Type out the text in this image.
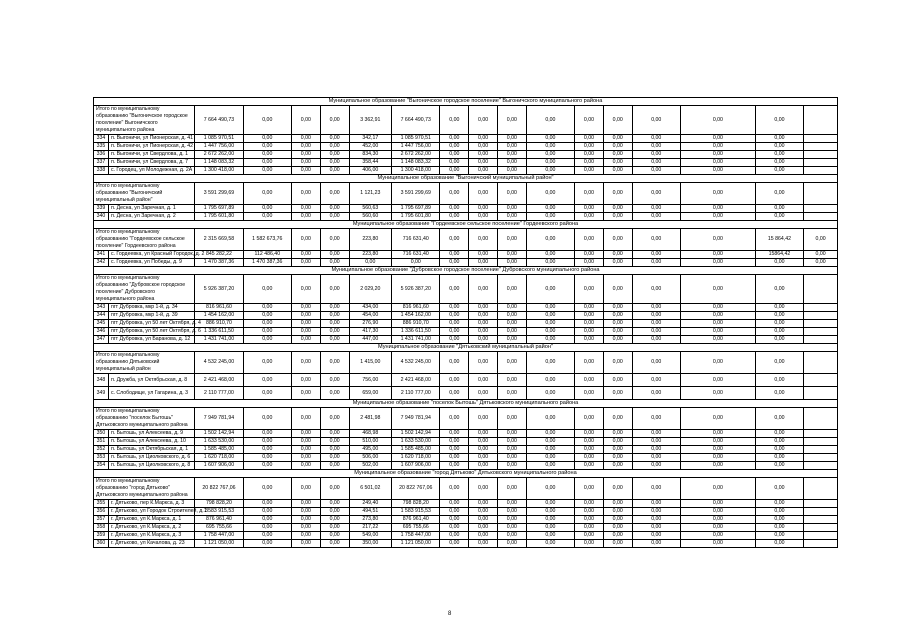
Муниципальное образование "Выгоничское городское поселение" Выгоничского муниципального района																	
Итого по муниципальному образованию "Выгоничское городское поселение" Выгоничского муниципального района		7 664 490,73	0,00	0,00	0,00	3 362,91	7 664 490,73	0,00	0,00	0,00	0,00	0,00	0,00	0,00	0,00	0,00	
334	п. Выгоничи, ул Пионерская, д. 41	1 085 970,51	0,00	0,00	0,00	342,17	1 085 970,51	0,00	0,00	0,00	0,00	0,00	0,00	0,00	0,00	0,00	
335	п. Выгоничи, ул Пионерская, д. 42	1 447 756,00	0,00	0,00	0,00	452,00	1 447 756,00	0,00	0,00	0,00	0,00	0,00	0,00	0,00	0,00	0,00	
336	п. Выгоничи, ул Свердлова, д. 1	2 672 262,00	0,00	0,00	0,00	834,30	2 672 262,00	0,00	0,00	0,00	0,00	0,00	0,00	0,00	0,00	0,00	
337	п. Выгоничи, ул Свердлова, д. 7	1 148 083,32	0,00	0,00	0,00	358,44	1 148 083,32	0,00	0,00	0,00	0,00	0,00	0,00	0,00	0,00	0,00	
338	с. Городец, ул Молодежная, д. 2А	1 300 418,00	0,00	0,00	0,00	406,00	1 300 418,00	0,00	0,00	0,00	0,00	0,00	0,00	0,00	0,00	0,00	
Муниципальное образование "Выгоничский муниципальный район"																	
Итого по муниципальному образованию "Выгоничский муниципальный район"		3 591 299,69	0,00	0,00	0,00	1 121,23	3 591 299,69	0,00	0,00	0,00	0,00	0,00	0,00	0,00	0,00	0,00	
339	п. Десна, ул Заречная, д. 1	1 795 697,89	0,00	0,00	0,00	560,63	1 795 697,89	0,00	0,00	0,00	0,00	0,00	0,00	0,00	0,00	0,00	
340	п. Десна, ул Заречная, д. 2	1 795 601,80	0,00	0,00	0,00	560,60	1 795 601,80	0,00	0,00	0,00	0,00	0,00	0,00	0,00	0,00	0,00	
Муниципальное образование "Гордеевское сельское поселение" Гордеевского района																	
Итого по муниципальному образованию "Гордеевское сельское поселение" Гордеевского района		2 315 669,58	1 582 673,76	0,00	0,00	223,80	716 631,40	0,00	0,00	0,00	0,00	0,00	0,00	0,00	0,00	15 864,42	0,00
341	с. Гордеевка, ул Красный Городок, д. 2	845 282,22	112 486,40	0,00	0,00	223,80	716 631,40	0,00	0,00	0,00	0,00	0,00	0,00	0,00	0,00	15864,42	0,00
342	с. Гордеевка, ул Победы, д. 9	1 470 387,36	1 470 387,36	0,00	0,00	0,00	0,00	0,00	0,00	0,00	0,00	0,00	0,00	0,00	0,00	0,00	0,00
Муниципальное образование "Дубровское городское поселение" Дубровского муниципального района																	
Итого по муниципальному образованию "Дубровское городское поселение" Дубровского муниципального района		5 926 387,20	0,00	0,00	0,00	2 029,20	5 926 387,20	0,00	0,00	0,00	0,00	0,00	0,00	0,00	0,00	0,00	
343	пгт Дубровка, мкр 1-й, д. 34	816 961,60	0,00	0,00	0,00	434,00	816 961,60	0,00	0,00	0,00	0,00	0,00	0,00	0,00	0,00	0,00	
344	пгт Дубровка, мкр 1-й, д. 39	1 454 162,00	0,00	0,00	0,00	454,00	1 454 162,00	0,00	0,00	0,00	0,00	0,00	0,00	0,00	0,00	0,00	
345	пгт Дубровка, ул 50 лет Октября, д. 4	886 910,70	0,00	0,00	0,00	276,90	886 910,70	0,00	0,00	0,00	0,00	0,00	0,00	0,00	0,00	0,00	
346	пгт Дубровка, ул 50 лет Октября, д. 6	1 336 611,50	0,00	0,00	0,00	417,30	1 336 611,50	0,00	0,00	0,00	0,00	0,00	0,00	0,00	0,00	0,00	
347	пгт Дубровка, ул Баранова, д. 12	1 431 741,00	0,00	0,00	0,00	447,00	1 431 741,00	0,00	0,00	0,00	0,00	0,00	0,00	0,00	0,00	0,00	
Муниципальное образование "Дятьковский муниципальный район"																	
Итого по муниципальному образованию Дятьковский муниципальный район		4 532 245,00	0,00	0,00	0,00	1 415,00	4 532 245,00	0,00	0,00	0,00	0,00	0,00	0,00	0,00	0,00	0,00	
348	п. Дружба, ул Октябрьская, д. 8	2 421 468,00	0,00	0,00	0,00	756,00	2 421 468,00	0,00	0,00	0,00	0,00	0,00	0,00	0,00	0,00	0,00	
349	с. Слободище, ул Гагарина, д. 3	2 110 777,00	0,00	0,00	0,00	659,00	2 110 777,00	0,00	0,00	0,00	0,00	0,00	0,00	0,00	0,00	0,00	
Муниципальное образование "поселок Бытошь" Дятьковского муниципального района																	
Итого по муниципальному образованию "поселок Бытошь" Дятьковского муниципального района		7 949 781,94	0,00	0,00	0,00	2 481,98	7 949 781,94	0,00	0,00	0,00	0,00	0,00	0,00	0,00	0,00	0,00	
350	п. Бытошь, ул Алексеева, д. 9	1 502 142,94	0,00	0,00	0,00	468,98	1 502 142,94	0,00	0,00	0,00	0,00	0,00	0,00	0,00	0,00	0,00	
351	п. Бытошь, ул Алексеева, д. 10	1 633 530,00	0,00	0,00	0,00	510,00	1 633 530,00	0,00	0,00	0,00	0,00	0,00	0,00	0,00	0,00	0,00	
352	п. Бытошь, ул Октябрьская, д. 1	1 585 485,00	0,00	0,00	0,00	495,00	1 585 485,00	0,00	0,00	0,00	0,00	0,00	0,00	0,00	0,00	0,00	
353	п. Бытошь, ул Циолковского, д. 6	1 620 718,00	0,00	0,00	0,00	506,00	1 620 718,00	0,00	0,00	0,00	0,00	0,00	0,00	0,00	0,00	0,00	
354	п. Бытошь, ул Циолковского, д. 8	1 607 906,00	0,00	0,00	0,00	502,00	1 607 906,00	0,00	0,00	0,00	0,00	0,00	0,00	0,00	0,00	0,00	
Муниципальное образование "город Дятьково" Дятьковского муниципального района																	
Итого по муниципальному образованию "город Дятьково" Дятьковского муниципального района		20 822 767,06	0,00	0,00	0,00	6 501,02	20 822 767,06	0,00	0,00	0,00	0,00	0,00	0,00	0,00	0,00	0,00	
355	г. Дятьково, пер К.Маркса, д. 3	798 828,20	0,00	0,00	0,00	249,40	798 828,20	0,00	0,00	0,00	0,00	0,00	0,00	0,00	0,00	0,00	
356	г. Дятьково, ул Городок Строителей, д. 3	1 583 915,53	0,00	0,00	0,00	494,51	1 583 915,53	0,00	0,00	0,00	0,00	0,00	0,00	0,00	0,00	0,00	
357	г. Дятьково, ул К.Маркса, д. 1	876 961,40	0,00	0,00	0,00	273,80	876 961,40	0,00	0,00	0,00	0,00	0,00	0,00	0,00	0,00	0,00	
358	г. Дятьково, ул К.Маркса, д. 2	695 755,66	0,00	0,00	0,00	217,22	695 755,66	0,00	0,00	0,00	0,00	0,00	0,00	0,00	0,00	0,00	
359	г. Дятьково, ул К.Маркса, д. 3	1 758 447,00	0,00	0,00	0,00	549,00	1 758 447,00	0,00	0,00	0,00	0,00	0,00	0,00	0,00	0,00	0,00	
360	г. Дятьково, ул Качалова, д. 23	1 121 050,00	0,00	0,00	0,00	350,00	1 121 050,00	0,00	0,00	0,00	0,00	0,00	0,00	0,00	0,00	0,00	
8
